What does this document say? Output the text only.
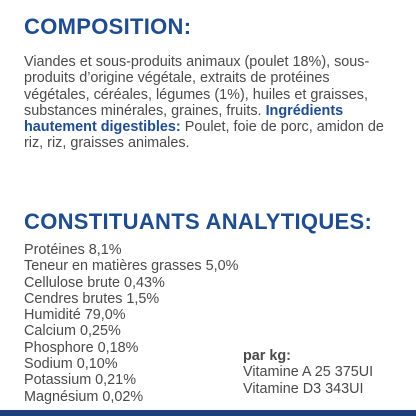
COMPOSITION:

Viandes et sous-produits animaux (poulet 18%), sous-produits d’origine végétale, extraits de protéines végétales, céréales, légumes (1%), huiles et graisses, substances minérales, graines, fruits. Ingrédients hautement digestibles: Poulet, foie de porc, amidon de riz, riz, graisses animales.

CONSTITUANTS ANALYTIQUES:
Protéines 8,1%
Teneur en matières grasses 5,0%
Cellulose brute 0,43%
Cendres brutes 1,5%
Humidité 79,0%
Calcium 0,25%
Phosphore 0,18%
Sodium 0,10%
Potassium 0,21%
Magnésium 0,02%
par kg:
Vitamine A 25 375UI
Vitamine D3 343UI
